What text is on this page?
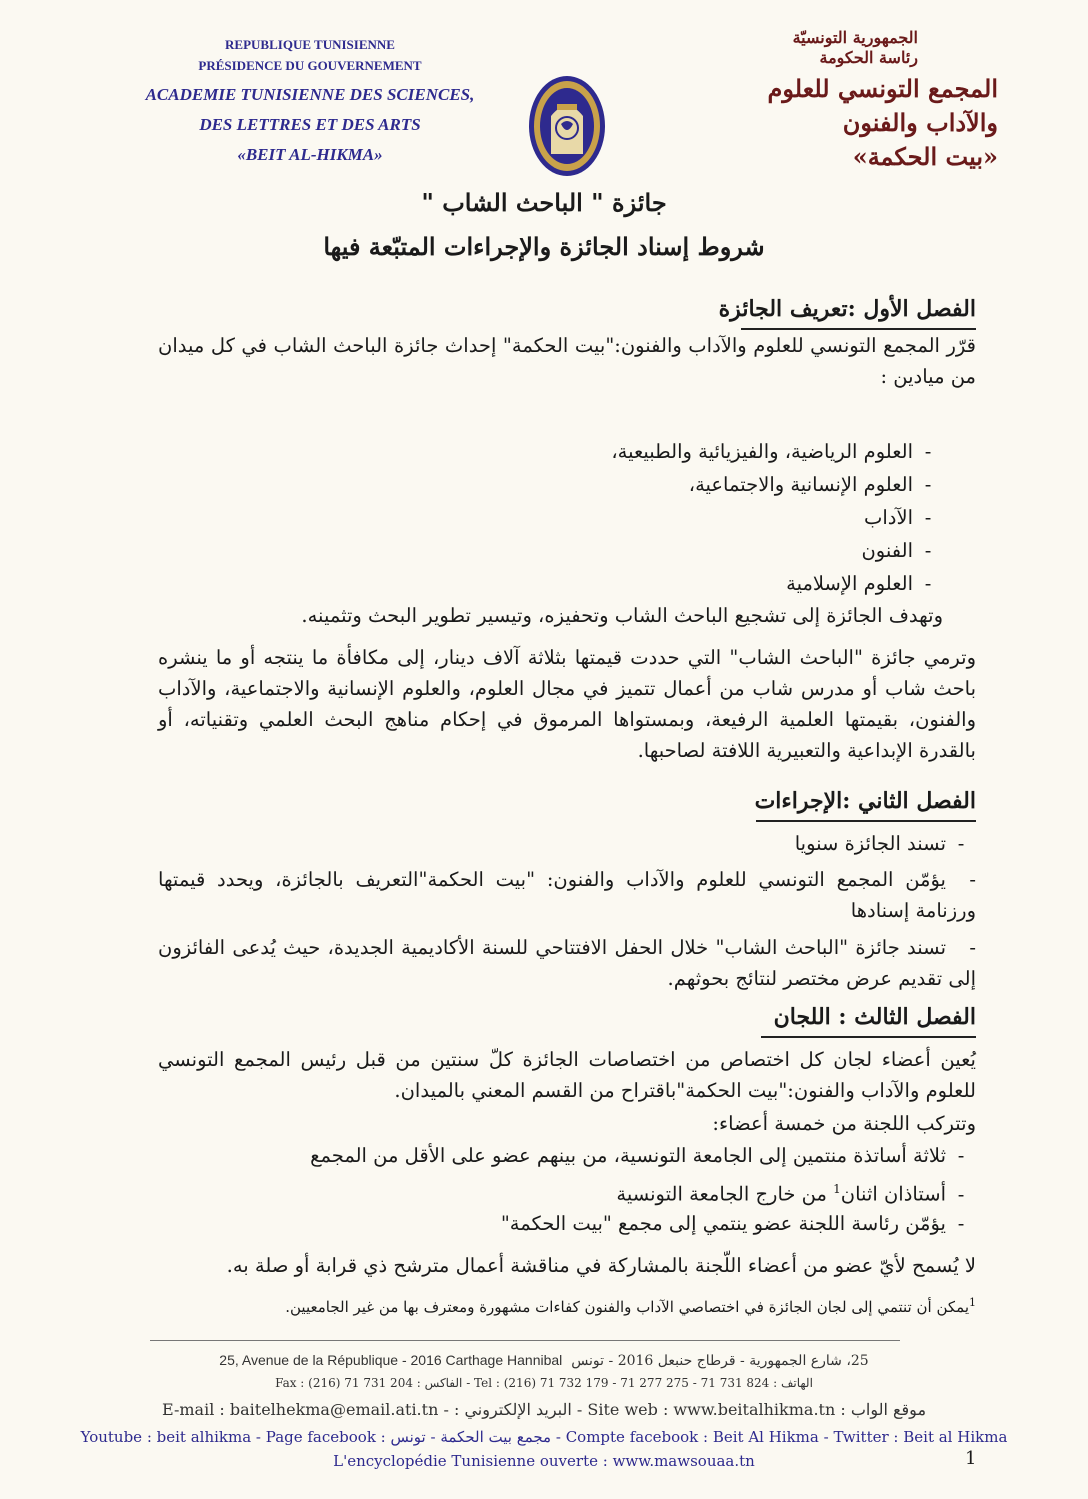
REPUBLIQUE TUNISIENNE
PRÉSIDENCE DU GOUVERNEMENT
ACADEMIE TUNISIENNE DES SCIENCES,
DES LETTRES ET DES ARTS
«BEIT AL-HIKMA»
الجمهورية التونسيّة
رئاسة الحكومة
المجمع التونسي للعلوم
والآداب والفنون
«بيت الحكمة»
جائزة " الباحث الشاب "
شروط إسناد الجائزة والإجراءات المتبّعة فيها
الفصل الأول :تعريف الجائزة
قرّر المجمع التونسي للعلوم والآداب والفنون:"بيت الحكمة" إحداث جائزة الباحث الشاب في كل ميدان من ميادين :
-العلوم الرياضية، والفيزيائية والطبيعية،
-العلوم الإنسانية والاجتماعية،
-الآداب
-الفنون
-العلوم الإسلامية
وتهدف الجائزة إلى تشجيع الباحث الشاب وتحفيزه، وتيسير تطوير البحث وتثمينه.
وترمي جائزة "الباحث الشاب" التي حددت قيمتها بثلاثة آلاف دينار، إلى مكافأة ما ينتجه أو ما ينشره باحث شاب أو مدرس شاب من أعمال تتميز في مجال العلوم، والعلوم الإنسانية والاجتماعية، والآداب والفنون، بقيمتها العلمية الرفيعة، وبمستواها المرموق في إحكام مناهج البحث العلمي وتقنياته، أو بالقدرة الإبداعية والتعبيرية اللافتة لصاحبها.
الفصل الثاني :الإجراءات
-تسند الجائزة سنويا
-يؤمّن المجمع التونسي للعلوم والآداب والفنون: "بيت الحكمة"التعريف بالجائزة، ويحدد قيمتها ورزنامة إسنادها
-تسند جائزة "الباحث الشاب" خلال الحفل الافتتاحي للسنة الأكاديمية الجديدة، حيث يُدعى الفائزون إلى تقديم عرض مختصر لنتائج بحوثهم.
الفصل الثالث : اللجان
يُعين أعضاء لجان كل اختصاص من اختصاصات الجائزة كلّ سنتين من قبل رئيس المجمع التونسي للعلوم والآداب والفنون:"بيت الحكمة"باقتراح من القسم المعني بالميدان.
وتتركب اللجنة من خمسة أعضاء:
-ثلاثة أساتذة منتمين إلى الجامعة التونسية، من بينهم عضو على الأقل من المجمع
-أستاذان اثنان$^1$ من خارج الجامعة التونسية
-يؤمّن رئاسة اللجنة عضو ينتمي إلى مجمع "بيت الحكمة"
لا يُسمح لأيّ عضو من أعضاء اللّجنة بالمشاركة في مناقشة أعمال مترشح ذي قرابة أو صلة به.
$^1$يمكن أن تنتمي إلى لجان الجائزة في اختصاصي الآداب والفنون كفاءات مشهورة ومعترف بها من غير الجامعيين.
25, Avenue de la République - 2016 Carthage Hannibal 25، شارع الجمهورية - قرطاج حنبعل 2016 - تونس
Fax : (216) 71 731 204 : الفاكس - Tel : (216) 71 732 179 - 71 277 275 - 71 731 824 : الهاتف
E-mail : baitelhekma@email.ati.tn - : البريد الإلكتروني - Site web : www.beitalhikma.tn : موقع الواب
Youtube : beit alhikma - Page facebook : مجمع بيت الحكمة - تونس - Compte facebook : Beit Al Hikma - Twitter : Beit al Hikma
L'encyclopédie Tunisienne ouverte : www.mawsouaa.tn	1
